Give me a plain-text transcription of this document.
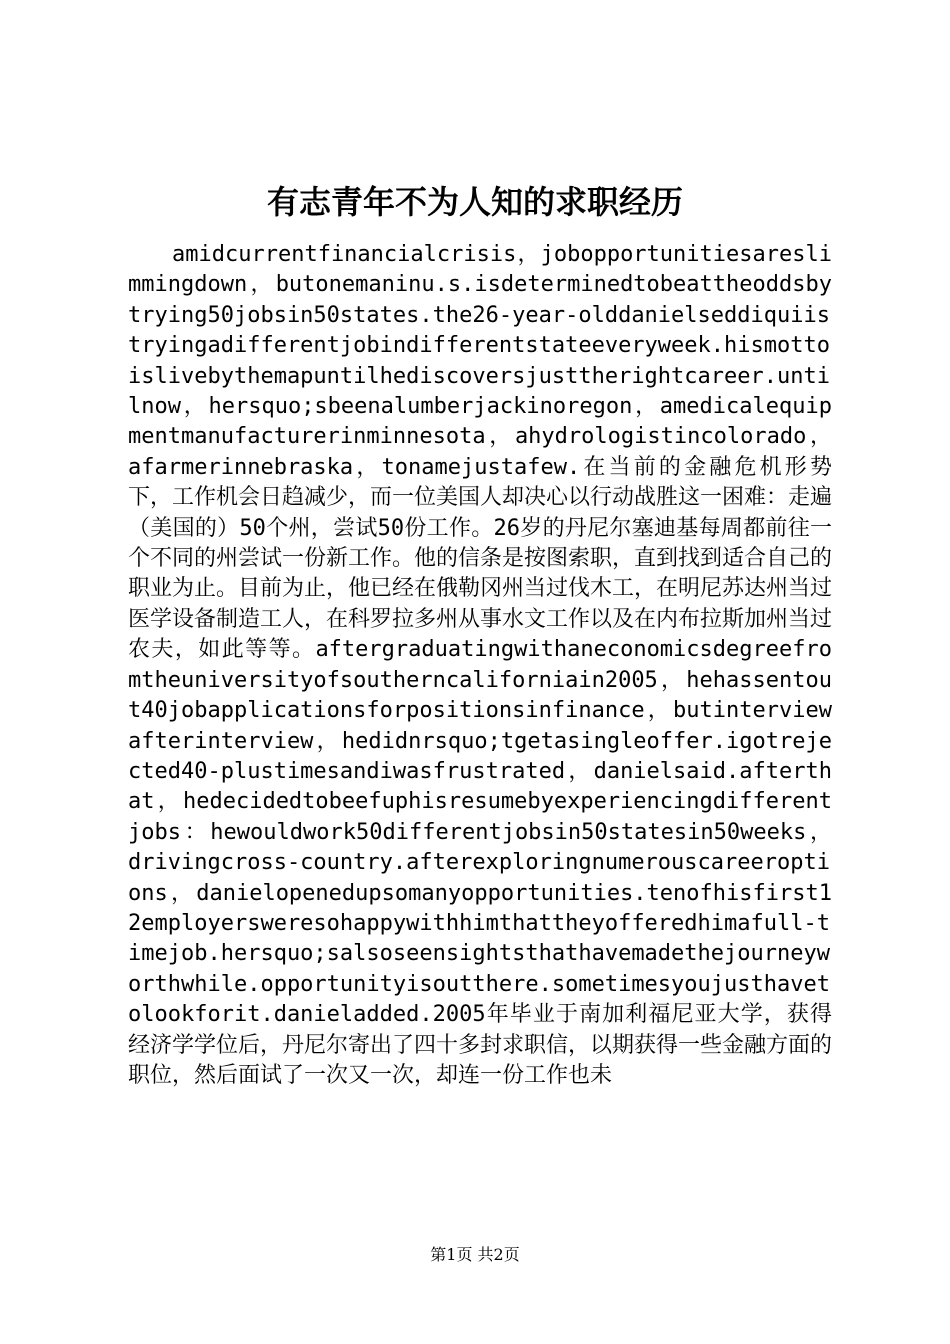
有志青年不为人知的求职经历

amidcurrentfinancialcrisis，jobopportunitiesareslimmingdown，butonemaninu.s.isdeterminedtobeattheoddsbytrying50jobsin50states.the26-year-olddanielseddiquiistryingadifferentjobindifferentstateeveryweek.hismottoislivebythemapuntilhediscoversjusttherightcareer.untilnow，hersquo;sbeenalumberjackinoregon，amedicalequipmentmanufacturerinminnesota，ahydrologistincolorado，afarmerinnebraska，tonamejustafew.在当前的金融危机形势下，工作机会日趋减少，而一位美国人却决心以行动战胜这一困难：走遍（美国的）50个州，尝试50份工作。26岁的丹尼尔塞迪基每周都前往一个不同的州尝试一份新工作。他的信条是按图索职，直到找到适合自己的职业为止。目前为止，他已经在俄勒冈州当过伐木工，在明尼苏达州当过医学设备制造工人，在科罗拉多州从事水文工作以及在内布拉斯加州当过农夫，如此等等。aftergraduatingwithaneconomicsdegreefromtheuniversityofsoutherncaliforniain2005，hehassentout40jobapplicationsforpositionsinfinance，butinterviewafterinterview，hedidnrsquo;tgetasingleoffer.igotrejected40-plustimesandiwasfrustrated，danielsaid.afterthat，hedecidedtobeefuphisresumebyexperiencingdifferentjobs：hewouldwork50differentjobsin50statesin50weeks，drivingcross-country.afterexploringnumerouscareeroptions，danielopenedupsomanyopportunities.tenofhisfirst12employersweresohappywithhimthattheyofferedhimafull-timejob.hersquo;salsoseensightsthathavemadethejourneyworthwhile.opportunityisoutthere.sometimesyoujusthavetolookforit.danieladded.2005年毕业于南加利福尼亚大学，获得经济学学位后，丹尼尔寄出了四十多封求职信，以期获得一些金融方面的职位，然后面试了一次又一次，却连一份工作也未

第1页 共2页
